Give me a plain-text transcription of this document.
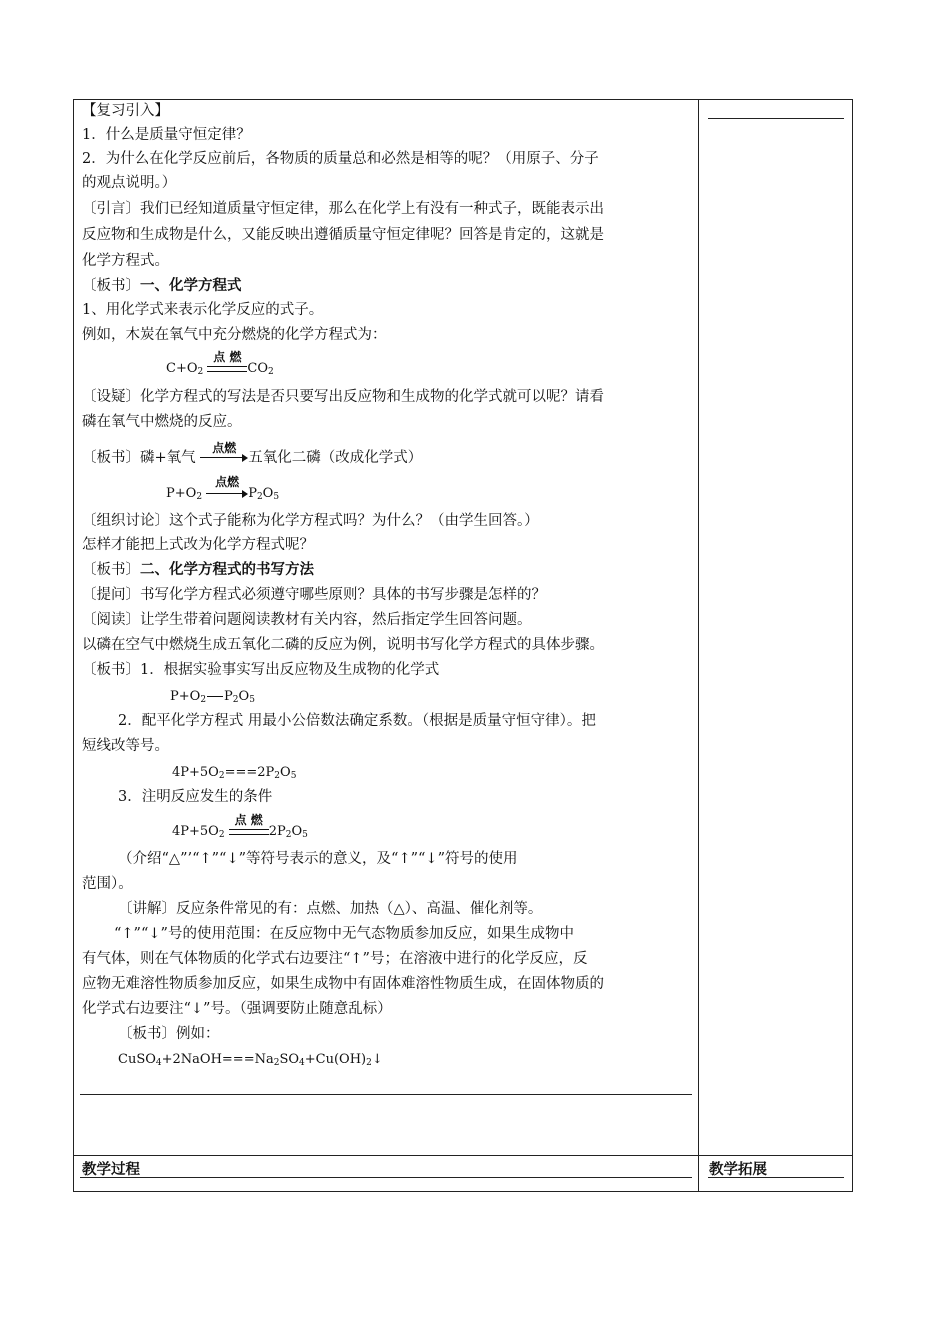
教学过程	教学拓展
【复习引入】
1．什么是质量守恒定律？
2．为什么在化学反应前后，各物质的质量总和必然是相等的呢？（用原子、分子
的观点说明。）
〔引言〕我们已经知道质量守恒定律，那么在化学上有没有一种式子，既能表示出
反应物和生成物是什么，又能反映出遵循质量守恒定律呢？回答是肯定的，这就是
化学方程式。
〔板书〕一、化学方程式
1、用化学式来表示化学反应的式子。
例如，木炭在氧气中充分燃烧的化学方程式为：
$C+O_2$
点 燃
$CO_2$
〔设疑〕化学方程式的写法是否只要写出反应物和生成物的化学式就可以呢？请看
磷在氧气中燃烧的反应。
〔板书〕磷+氧气
点燃
五氧化二磷（改成化学式）
$P+O_2$
点燃
$P_2O_5$
〔组织讨论〕这个式子能称为化学方程式吗？为什么？（由学生回答。）
怎样才能把上式改为化学方程式呢？
〔板书〕二、化学方程式的书写方法
〔提问〕书写化学方程式必须遵守哪些原则？具体的书写步骤是怎样的？
〔阅读〕让学生带着问题阅读教材有关内容，然后指定学生回答问题。
以磷在空气中燃烧生成五氧化二磷的反应为例，说明书写化学方程式的具体步骤。
〔板书〕1．根据实验事实写出反应物及生成物的化学式
$P+O_2$ $P_2O_5$
2．配平化学方程式 用最小公倍数法确定系数。（根据是质量守恒守律）。把
短线改等号。
$4P+5O_2===2P_2O_5$
3．注明反应发生的条件
$4P+5O_2$
点 燃
$2P_2O_5$
（介绍“△”’“↑”“↓”等符号表示的意义，及“↑”“↓”符号的使用
范围）。
〔讲解〕反应条件常见的有：点燃、加热（△）、高温、催化剂等。
“↑”“↓”号的使用范围：在反应物中无气态物质参加反应，如果生成物中
有气体，则在气体物质的化学式右边要注“↑”号；在溶液中进行的化学反应，反
应物无难溶性物质参加反应，如果生成物中有固体难溶性物质生成，在固体物质的
化学式右边要注“↓”号。（强调要防止随意乱标）
〔板书〕例如：
$CuSO_4+2NaOH===Na_2SO_4+Cu(OH)_2↓$
